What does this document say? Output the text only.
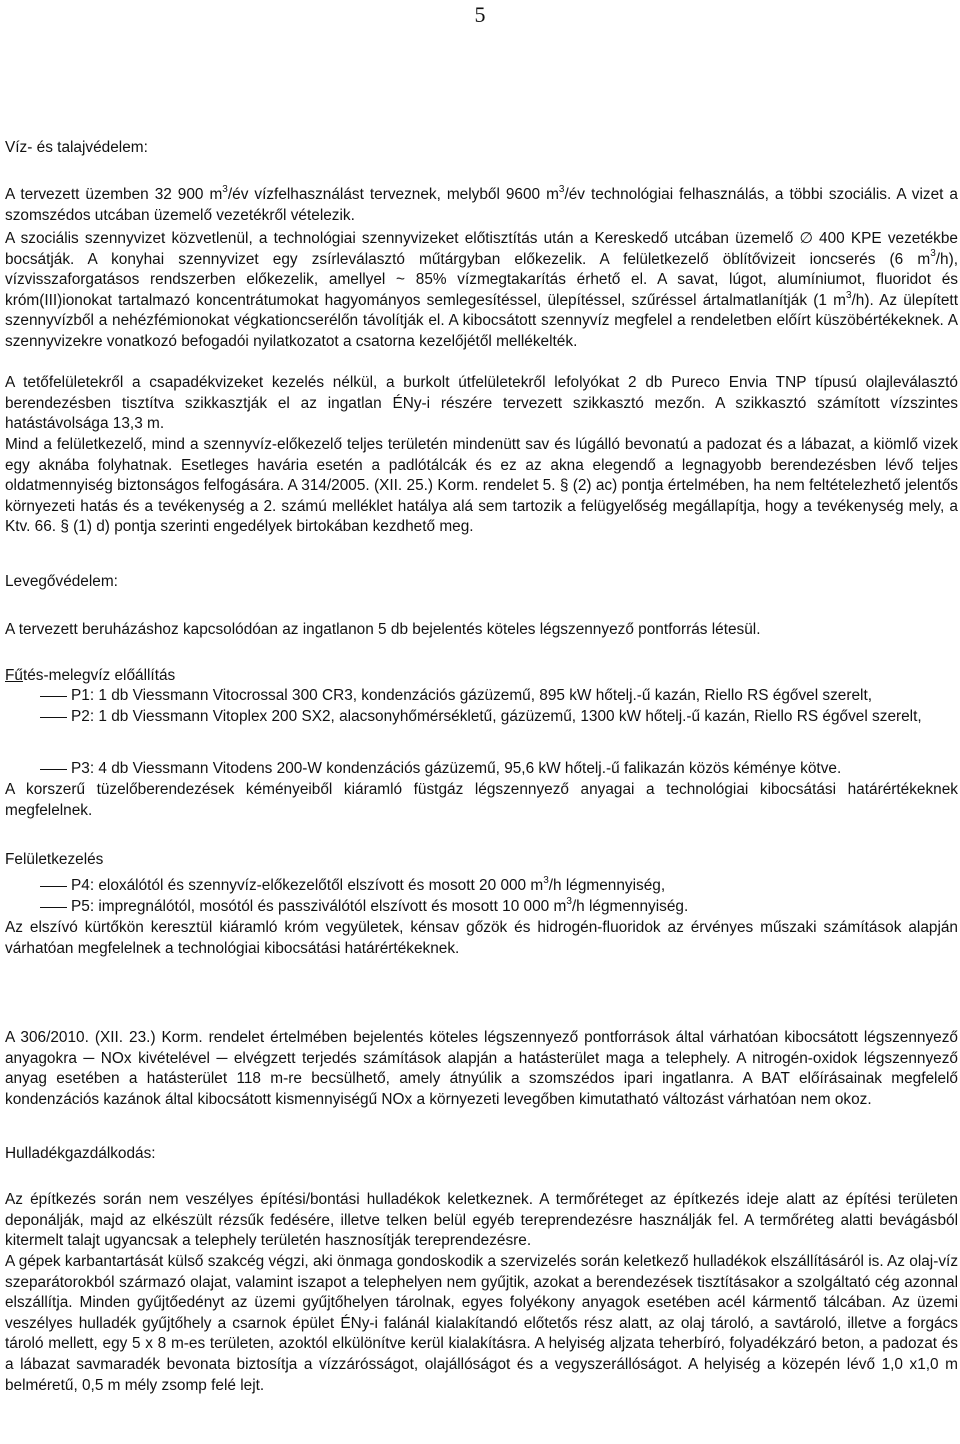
5

Víz- és talajvédelem:

A tervezett üzemben 32 900 $m^3/év$ vízfelhasználást terveznek, melyből 9600 $m^3/év$ technológiai felhasználás, a többi szociális. A vizet a szomszédos utcában üzemelő vezetékről vételezik.

A szociális szennyvizet közvetlenül, a technológiai szennyvizeket előtisztítás után a Kereskedő utcában üzemelő ∅ 400 KPE vezetékbe bocsátják. A konyhai szennyvizet egy zsírleválasztó műtárgyban előkezelik. A felületkezelő öblítővizeit ioncserés (6 $m^3/h$), vízvisszaforgatásos rendszerben előkezelik, amellyel ~ 85% vízmegtakarítás érhető el. A savat, lúgot, alumíniumot, fluoridot és króm(III)ionokat tartalmazó koncentrátumokat hagyományos semlegesítéssel, ülepítéssel, szűréssel ártalmatlanítják (1 $m^3/h$). Az ülepített szennyvízből a nehézfémionokat végkationcserélőn távolítják el. A kibocsátott szennyvíz megfelel a rendeletben előírt küszöbértékeknek. A szennyvizekre vonatkozó befogadói nyilatkozatot a csatorna kezelőjétől mellékelték.

A tetőfelületekről a csapadékvizeket kezelés nélkül, a burkolt útfelületekről lefolyókat 2 db Pureco Envia TNP típusú olajleválasztó berendezésben tisztítva szikkasztják el az ingatlan ÉNy-i részére tervezett szikkasztó mezőn. A szikkasztó számított vízszintes hatástávolsága 13,3 m.

Mind a felületkezelő, mind a szennyvíz-előkezelő teljes területén mindenütt sav és lúgálló bevonatú a padozat és a lábazat, a kiömlő vizek egy aknába folyhatnak. Esetleges havária esetén a padlótálcák és ez az akna elegendő a legnagyobb berendezésben lévő teljes oldatmennyiség biztonságos felfogására. A 314/2005. (XII. 25.) Korm. rendelet 5. § (2) ac) pontja értelmében, ha nem feltételezhető jelentős környezeti hatás és a tevékenység a 2. számú melléklet hatálya alá sem tartozik a felügyelőség megállapítja, hogy a tevékenység mely, a Ktv. 66. § (1) d) pontja szerinti engedélyek birtokában kezdhető meg.

Levegővédelem:

A tervezett beruházáshoz kapcsolódóan az ingatlanon 5 db bejelentés köteles légszennyező pontforrás létesül.

Fűtés-melegvíz előállítás

P1: 1 db Viessmann Vitocrossal 300 CR3, kondenzációs gázüzemű, 895 kW hőtelj.-ű kazán, Riello RS égővel szerelt,
P2: 1 db Viessmann Vitoplex 200 SX2, alacsonyhőmérsékletű, gázüzemű, 1300 kW hőtelj.-ű kazán, Riello RS égővel szerelt,
P3: 4 db Viessmann Vitodens 200-W kondenzációs gázüzemű, 95,6 kW hőtelj.-ű falikazán közös kéménye kötve.

A korszerű tüzelőberendezések kéményeiből kiáramló füstgáz légszennyező anyagai a technológiai kibocsátási határértékeknek megfelelnek.

Felületkezelés

P4: eloxálótól és szennyvíz-előkezelőtől elszívott és mosott 20 000 $m^3/h$ légmennyiség,
P5: impregnálótól, mosótól és passziválótól elszívott és mosott 10 000 $m^3/h$ légmennyiség.

Az elszívó kürtőkön keresztül kiáramló króm vegyületek, kénsav gőzök és hidrogén-fluoridok az érvényes műszaki számítások alapján várhatóan megfelelnek a technológiai kibocsátási határértékeknek.

A 306/2010. (XII. 23.) Korm. rendelet értelmében bejelentés köteles légszennyező pontforrások által várhatóan kibocsátott légszennyező anyagokra ─ NOx kivételével ─ elvégzett terjedés számítások alapján a hatásterület maga a telephely. A nitrogén-oxidok légszennyező anyag esetében a hatásterület 118 m-re becsülhető, amely átnyúlik a szomszédos ipari ingatlanra. A BAT előírásainak megfelelő kondenzációs kazánok által kibocsátott kismennyiségű NOx a környezeti levegőben kimutatható változást várhatóan nem okoz.

Hulladékgazdálkodás:

Az építkezés során nem veszélyes építési/bontási hulladékok keletkeznek. A termőréteget az építkezés ideje alatt az építési területen deponálják, majd az elkészült rézsűk fedésére, illetve telken belül egyéb tereprendezésre használják fel. A termőréteg alatti bevágásból kitermelt talajt ugyancsak a telephely területén hasznosítják tereprendezésre.

A gépek karbantartását külső szakcég végzi, aki önmaga gondoskodik a szervizelés során keletkező hulladékok elszállításáról is. Az olaj-víz szeparátorokból származó olajat, valamint iszapot a telephelyen nem gyűjtik, azokat a berendezések tisztításakor a szolgáltató cég azonnal elszállítja. Minden gyűjtőedényt az üzemi gyűjtőhelyen tárolnak, egyes folyékony anyagok esetében acél kármentő tálcában. Az üzemi veszélyes hulladék gyűjtőhely a csarnok épület ÉNy-i falánál kialakítandó előtetős rész alatt, az olaj tároló, a savtároló, illetve a forgács tároló mellett, egy 5 x 8 m-es területen, azoktól elkülönítve kerül kialakításra. A helyiség aljzata teherbíró, folyadékzáró beton, a padozat és a lábazat savmaradék bevonata biztosítja a vízzárósságot, olajállóságot és a vegyszerállóságot. A helyiség a közepén lévő 1,0 x1,0 m belméretű, 0,5 m mély zsomp felé lejt.
